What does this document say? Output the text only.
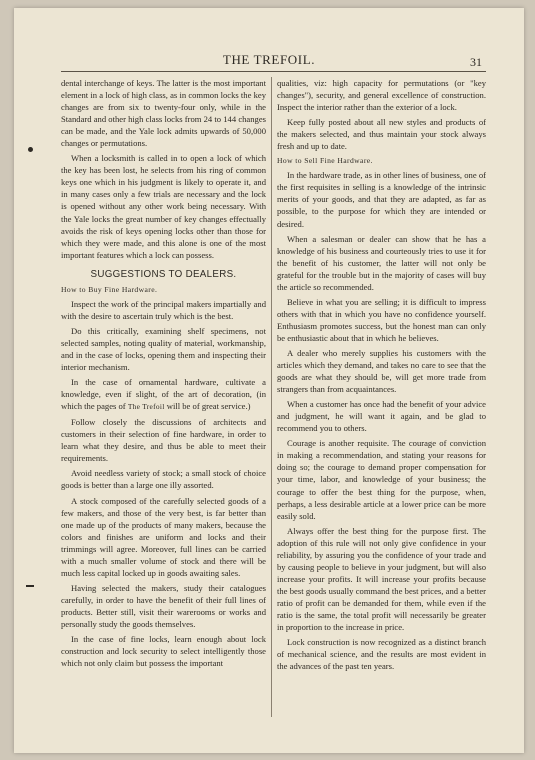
THE TREFOIL.	31

dental interchange of keys. The latter is the most important element in a lock of high class, as in common locks the key changes are from six to twenty-four only, while in the Standard and other high class locks from 24 to 144 changes can be made, and the Yale lock admits upwards of 50,000 changes or permutations.

When a locksmith is called in to open a lock of which the key has been lost, he selects from his ring of common keys one which in his judgment is likely to operate it, and in many cases only a few trials are necessary and the lock is opened without any other work being necessary. With the Yale locks the great number of key changes effectually avoids the risk of keys opening locks other than those for which they were made, and this alone is one of the most important features which a lock can possess.

SUGGESTIONS TO DEALERS.
How to Buy Fine Hardware.

Inspect the work of the principal makers impartially and with the desire to ascertain truly which is the best.

Do this critically, examining shelf specimens, not selected samples, noting quality of material, workmanship, and in the case of locks, opening them and inspecting their interior mechanism.

In the case of ornamental hardware, cultivate a knowledge, even if slight, of the art of decoration, (in which the pages of The Trefoil will be of great service.)

Follow closely the discussions of architects and customers in their selection of fine hardware, in order to learn what they desire, and thus be able to meet their requirements.

Avoid needless variety of stock; a small stock of choice goods is better than a large one illy assorted.

A stock composed of the carefully selected goods of a few makers, and those of the very best, is far better than one made up of the products of many makers, because the colors and finishes are uniform and locks and their trimmings will agree. Moreover, full lines can be carried with a much smaller volume of stock and there will be much less capital locked up in goods awaiting sales.

Having selected the makers, study their catalogues carefully, in order to have the benefit of their full lines of products. Better still, visit their warerooms or works and personally study the goods themselves.

In the case of fine locks, learn enough about lock construction and lock security to select intelligently those which not only claim but possess the important

qualities, viz: high capacity for permutations (or "key changes"), security, and general excellence of construction. Inspect the interior rather than the exterior of a lock.

Keep fully posted about all new styles and products of the makers selected, and thus maintain your stock always fresh and up to date.

How to Sell Fine Hardware.

In the hardware trade, as in other lines of business, one of the first requisites in selling is a knowledge of the intrinsic merits of your goods, and that they are adapted, as far as possible, to the purpose for which they are intended or desired.

When a salesman or dealer can show that he has a knowledge of his business and courteously tries to use it for the benefit of his customer, the latter will not only be grateful for the trouble but in the majority of cases will buy the article so recommended.

Believe in what you are selling; it is difficult to impress others with that in which you have no confidence yourself. Enthusiasm promotes success, but the honest man can only be enthusiastic about that in which he believes.

A dealer who merely supplies his customers with the articles which they demand, and takes no care to see that the goods are what they should be, will get more trade from strangers than from acquaintances.

When a customer has once had the benefit of your advice and judgment, he will want it again, and be glad to recommend you to others.

Courage is another requisite. The courage of conviction in making a recommendation, and stating your reasons for doing so; the courage to demand proper compensation for your time, labor, and knowledge of your business; the courage to offer the best thing for the purpose, when, perhaps, a less desirable article at a lower price can be more easily sold.

Always offer the best thing for the purpose first. The adoption of this rule will not only give confidence in your reliability, by assuring you the confidence of your trade and by causing people to believe in your judgment, but will also increase your profits. It will increase your profits because the best goods usually command the best prices, and a better ratio of profit can be demanded for them, while even if the ratio is the same, the total profit will necessarily be greater in proportion to the increase in price.

Lock construction is now recognized as a distinct branch of mechanical science, and the results are most evident in the advances of the past ten years.
